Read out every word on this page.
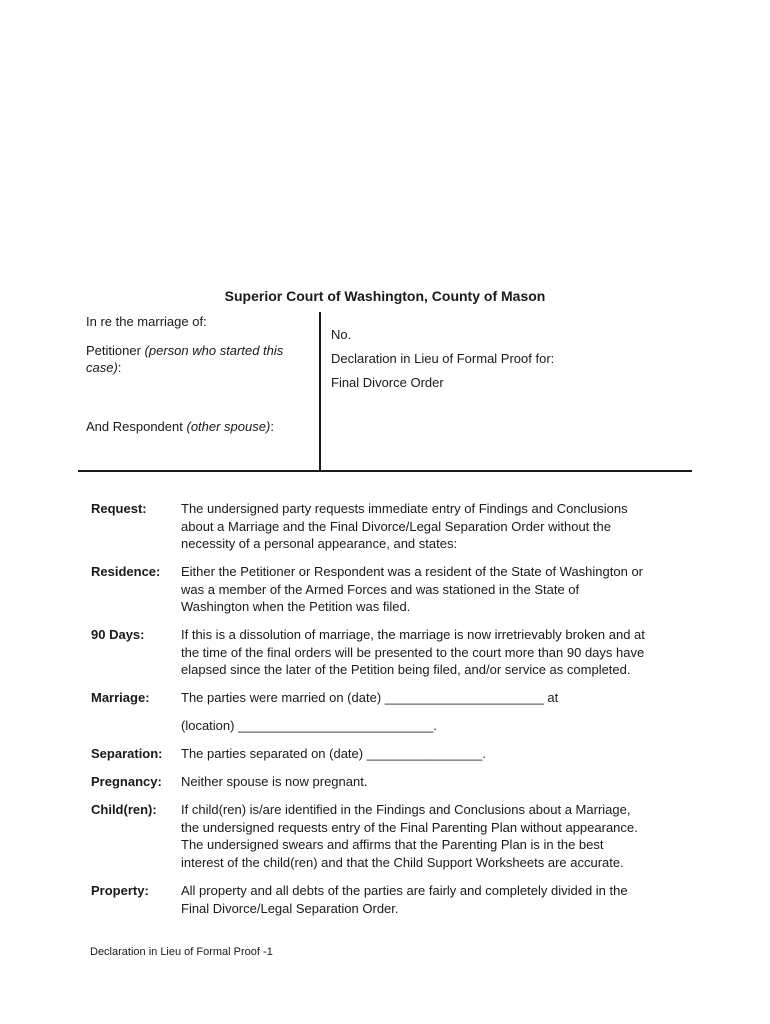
Superior Court of Washington, County of Mason
In re the marriage of:
Petitioner (person who started this
case):
And Respondent (other spouse):
No.
Declaration in Lieu of Formal Proof for:
Final Divorce Order
Request:	The undersigned party requests immediate entry of Findings and Conclusions
about a Marriage and the Final Divorce/Legal Separation Order without the
necessity of a personal appearance, and states:
Residence:	Either the Petitioner or Respondent was a resident of the State of Washington or
was a member of the Armed Forces and was stationed in the State of
Washington when the Petition was filed.
90 Days:	If this is a dissolution of marriage, the marriage is now irretrievably broken and at
the time of the final orders will be presented to the court more than 90 days have
elapsed since the later of the Petition being filed, and/or service as completed.
Marriage:	The parties were married on (date) ______________________ at
(location) ___________________________.
Separation:	The parties separated on (date) ________________.
Pregnancy:	Neither spouse is now pregnant.
Child(ren):	If child(ren) is/are identified in the Findings and Conclusions about a Marriage,
the undersigned requests entry of the Final Parenting Plan without appearance.
The undersigned swears and affirms that the Parenting Plan is in the best
interest of the child(ren) and that the Child Support Worksheets are accurate.
Property:	All property and all debts of the parties are fairly and completely divided in the
Final Divorce/Legal Separation Order.
Declaration in Lieu of Formal Proof -1
